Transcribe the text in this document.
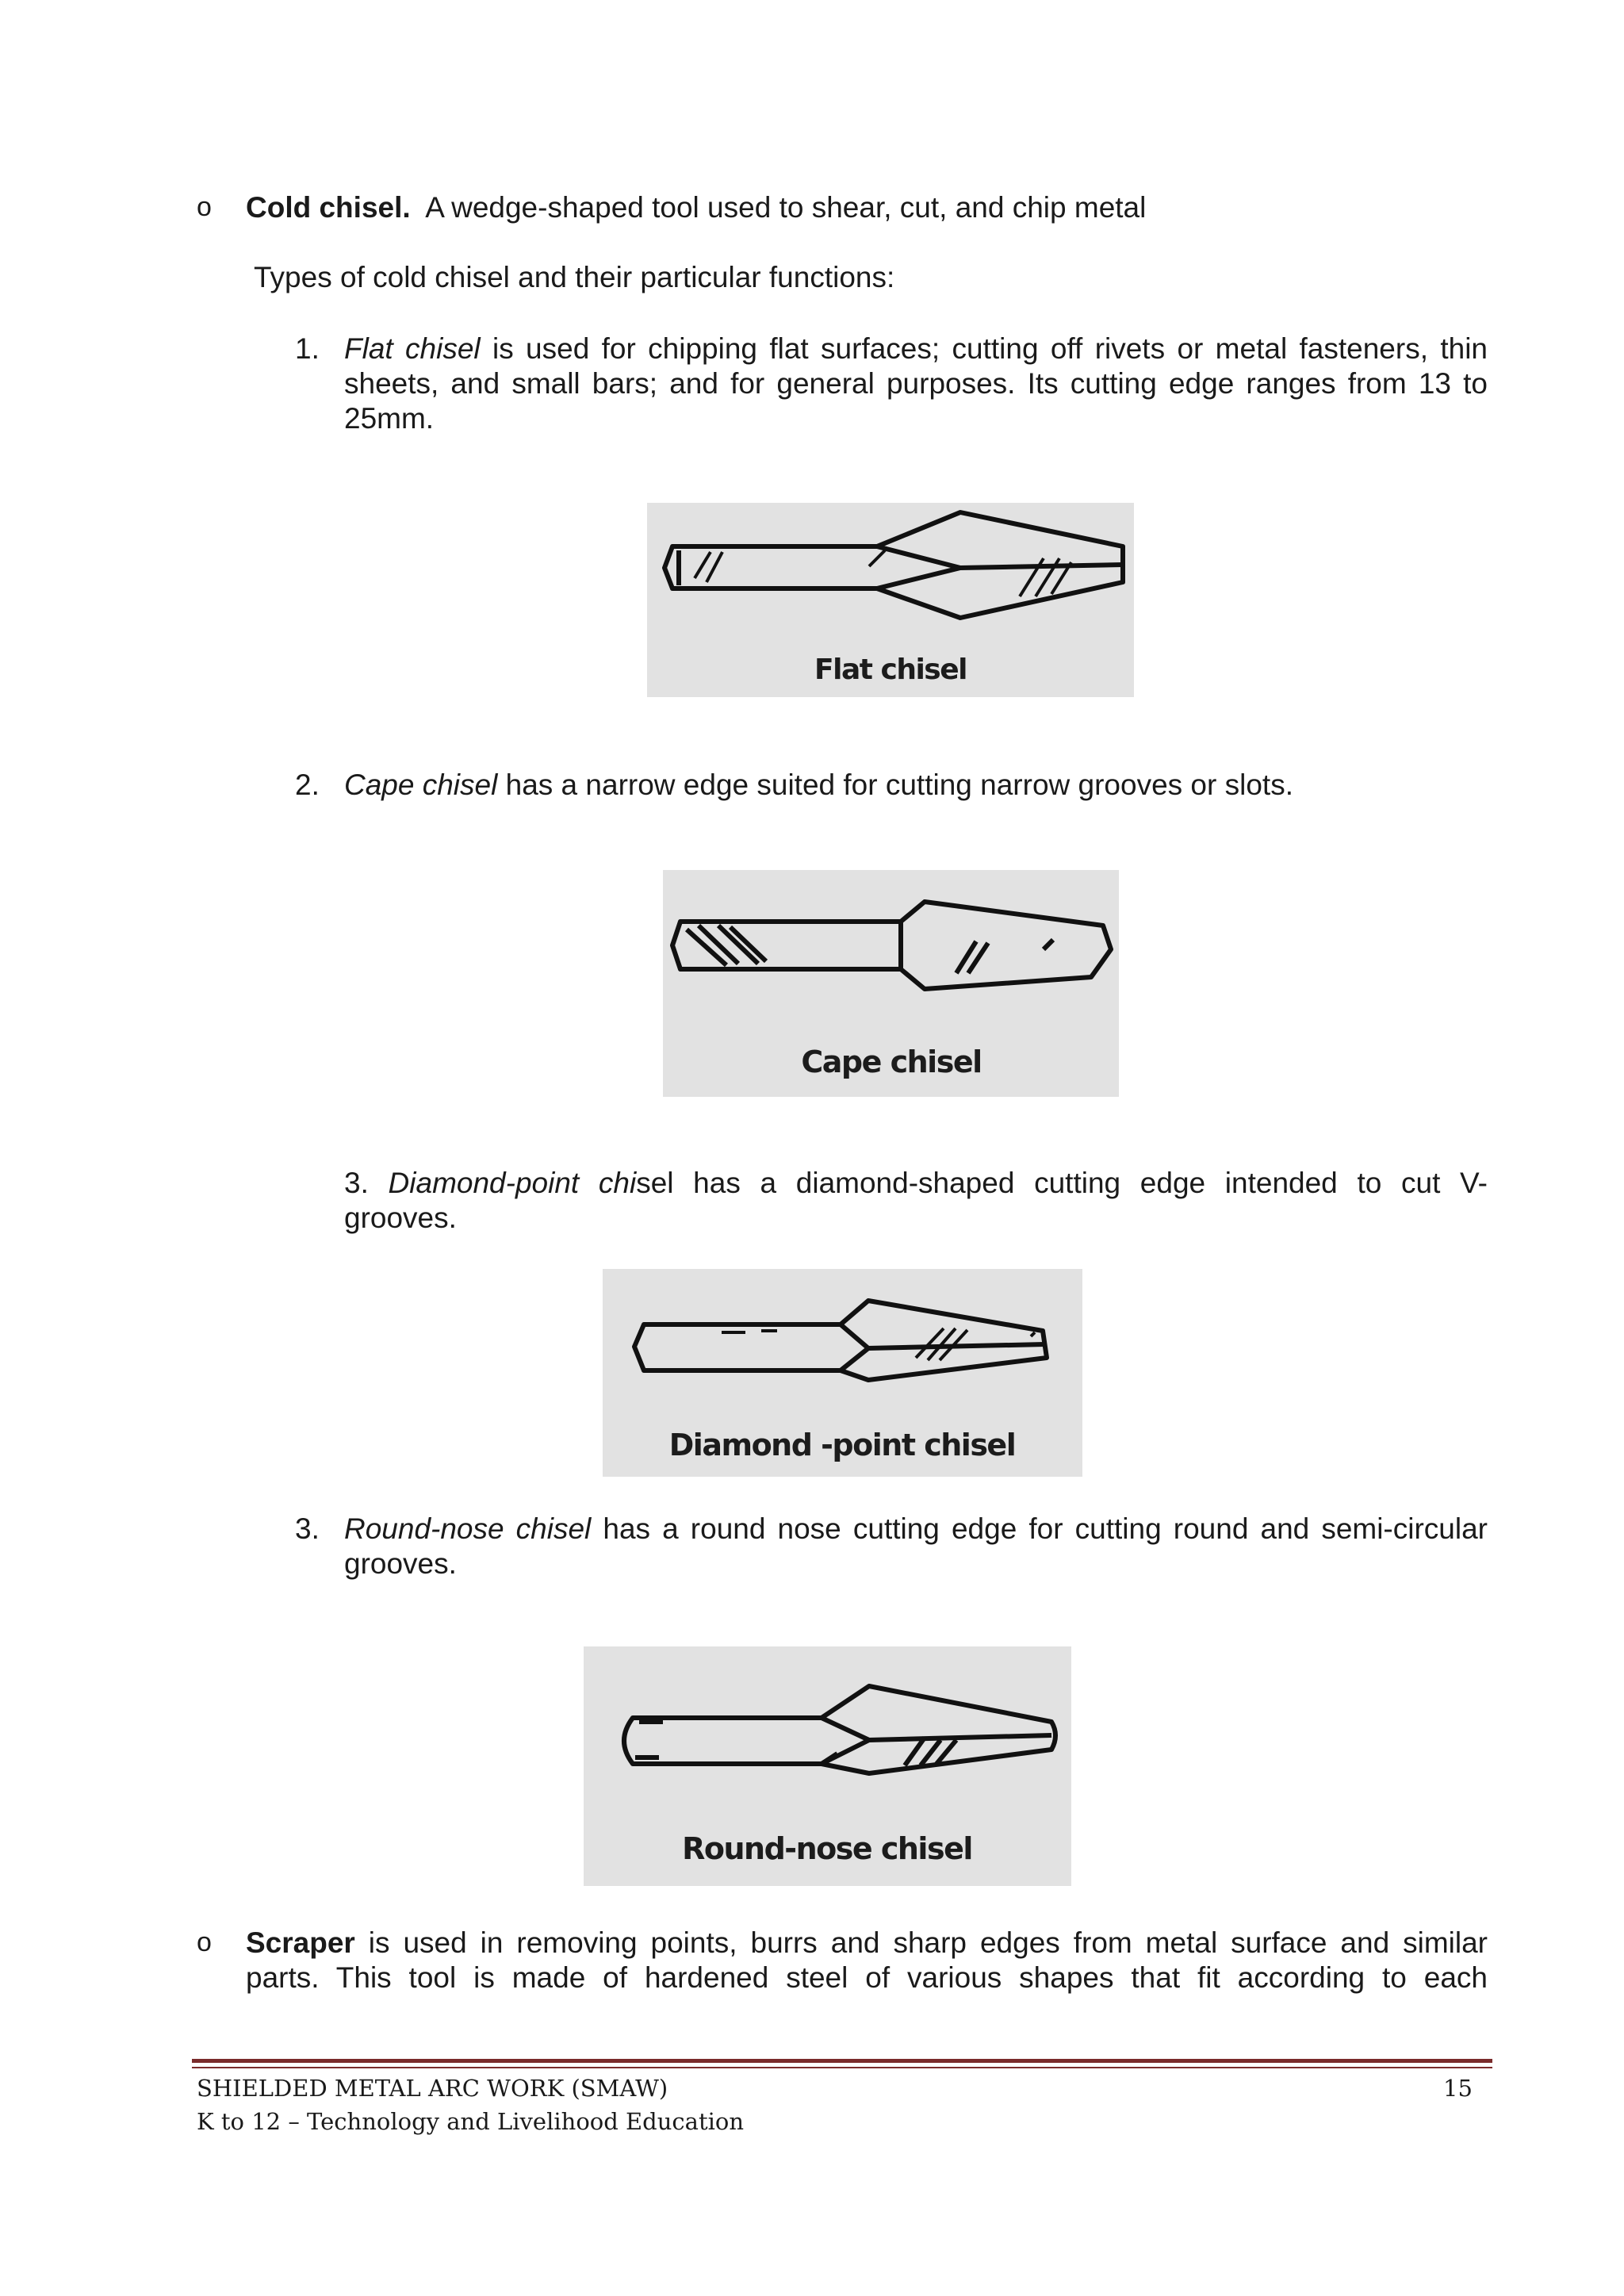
o Cold chisel. A wedge-shaped tool used to shear, cut, and chip metal
Types of cold chisel and their particular functions:
1. Flat chisel is used for chipping flat surfaces; cutting off rivets or metal fasteners, thin
sheets, and small bars; and for general purposes. Its cutting edge ranges from 13 to
25mm.
Flat chisel
2. Cape chisel has a narrow edge suited for cutting narrow grooves or slots.
Cape chisel
3. Diamond-point chisel has a diamond-shaped cutting edge intended to cut V-
grooves.
Diamond -point chisel
3. Round-nose chisel has a round nose cutting edge for cutting round and semi-circular
grooves.
Round-nose chisel
o Scraper is used in removing points, burrs and sharp edges from metal surface and similar
parts. This tool is made of hardened steel of various shapes that fit according to each
SHIELDED METAL ARC WORK (SMAW)
K to 12 – Technology and Livelihood Education
15
